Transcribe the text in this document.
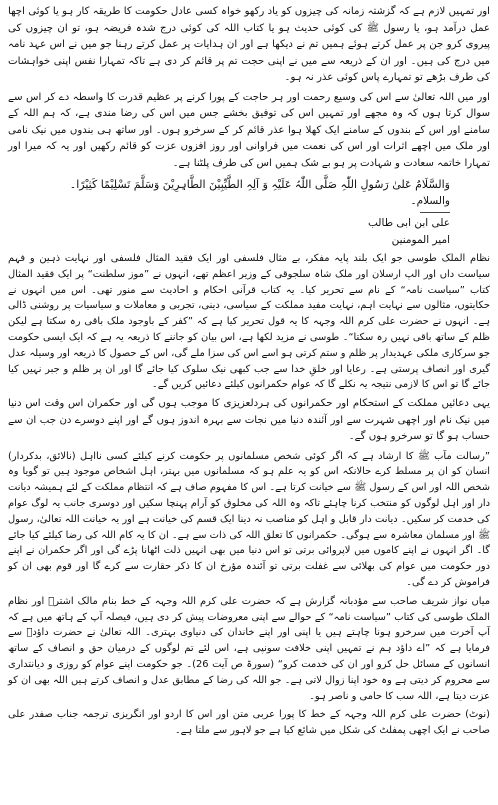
اور تمہیں لازم ہے کہ گزشتہ زمانہ کی چیزوں کو یاد رکھو خواہ کسی عادل حکومت کا طریقہ کار ہو یا کوئی اچھا عمل درآمد ہو، یا رسول ﷺ کی کوئی حدیث ہو یا کتاب اللہ کی کوئی درج شدہ فریضہ ہو، تو ان چیزوں کی پیروی کرو جن پر عمل کرتے ہوئے ہمیں تم نے دیکھا ہے اور ان ہدایات پر عمل کرتے رہنا جو میں نے اس عہد نامہ میں درج کی ہیں۔ اور ان کے ذریعہ سے میں نے اپنی حجت تم پر قائم کر دی ہے تاکہ تمہارا نفس اپنی خواہشات کی طرف بڑھے تو تمہارے پاس کوئی عذر نہ ہو۔

اور میں اللہ تعالیٰ سے اس کی وسیع رحمت اور ہر حاجت کے پورا کرنے پر عظیم قدرت کا واسطہ دے کر اس سے سوال کرتا ہوں کہ وہ مجھے اور تمہیں اس کی توفیق بخشے جس میں اس کی رضا مندی ہے، کہ ہم اللہ کے سامنے اور اس کے بندوں کے سامنے ایک کھلا ہوا عذر قائم کر کے سرخرو ہوں۔ اور ساتھ ہی بندوں میں نیک نامی اور ملک میں اچھے اثرات اور اس کی نعمت میں فراوانی اور روز افزوں عزت کو قائم رکھیں اور یہ کہ میرا اور تمہارا خاتمہ سعادت و شہادت پر ہو بے شک ہمیں اس کی طرف پلٹنا ہے۔

وَالسَّلَامُ عَلیٰ رَسُولِ اللّٰہِ صَلَّی اللّٰہُ عَلَیْہِ وَ آلِہِ الطَّیِّبِیْنَ الطَّاہِرِیْنَ وَسَلَّمَ تَسْلِیْمًا کَثِیْرًا۔

والسلام۔
علی ابن ابی طالب
امیر المومنین

نظام الملک طوسی جو ایک بلند پایہ مفکر، بے مثال فلسفی اور ایک فقید المثال فلسفی اور نہایت ذہین و فہم سیاست داں اور الپ ارسلان اور ملک شاہ سلجوقی کے وزیر اعظم تھے، انہوں نے ”موز سلطنت“ پر ایک فقید المثال کتاب ”سیاست نامہ“ کے نام سے تحریر کیا۔ یہ کتاب قرآنی احکام و احادیث سے منور تھی۔ اس میں انہوں نے حکایتوں، مثالوں سے نہایت اہم، نہایت مفید مملکت کے سیاسی، دینی، تجربی و معاملات و سیاسیات پر روشنی ڈالی ہے۔ انہوں نے حضرت علی کرم اللہ وجہہ کا یہ قول تحریر کیا ہے کہ ”کفر کے باوجود ملک باقی رہ سکتا ہے لیکن ظلم کے ساتھ باقی نہیں رہ سکتا“۔ طوسی نے مزید لکھا ہے، اس بیان کو جاننے کا ذریعہ یہ ہے کہ ایک ایسی حکومت جو سرکاری ملکی عہدیدار پر ظلم و ستم کرتی ہو اسے اس کی سزا ملے گی، اس کے حصول کا ذریعہ اور وسیلہ عدل گیری اور انصاف پرستی ہے۔ رعایا اور خلقِ خدا سے جب کبھی نیک سلوک کیا جائے گا اور ان پر ظلم و جبر نہیں کیا جائے گا تو اس کا لازمی نتیجہ یہ نکلے گا کہ عوام حکمرانوں کیلئے دعائیں کریں گے۔

یہی دعائیں مملکت کے استحکام اور حکمرانوں کی ہردلعزیزی کا موجب ہوں گی اور حکمران اس وقت اس دنیا میں نیک نام اور اچھی شہرت سے اور آئندہ دنیا میں نجات سے بہرہ اندوز ہوں گے اور اپنے دوسرے دن جب ان سے حساب ہو گا تو سرخرو ہوں گے۔

”رسالت مآب ﷺ کا ارشاد ہے کہ اگر کوئی شخص مسلمانوں پر حکومت کرنے کیلئے کسی نااہل (نالائق، بدکردار) انسان کو ان پر مسلط کرے حالانکہ اس کو یہ علم ہو کہ مسلمانوں میں بہتر، اہل اشخاص موجود ہیں تو گویا وہ شخص اللہ اور اس کے رسول ﷺ سے خیانت کرتا ہے۔ اس کا مفہوم صاف ہے کہ انتظام مملکت کے لئے ہمیشہ دیانت دار اور اہل لوگوں کو منتخب کرنا چاہئے تاکہ وہ اللہ کی مخلوق کو آرام پہنچا سکیں اور دوسری جانب یہ لوگ عوام کی خدمت کر سکیں۔ دیانت دار قابل و اہل کو مناصب نہ دینا ایک قسم کی خیانت ہے اور یہ خیانت اللہ تعالیٰ، رسول ﷺ اور مسلمان معاشرہ سے ہوگی۔ حکمرانوں کا تعلق اللہ کی ذات سے ہے۔ ان کا یہ کام اللہ کی رضا کیلئے کیا جائے گا۔ اگر انہوں نے اپنے کاموں میں لاپروائی برتی تو اس دنیا میں بھی انہیں ذلت اٹھانا پڑے گی اور اگر حکمران نے اپنے دور حکومت میں عوام کی بھلائی سے غفلت برتی تو آئندہ مؤرخ ان کا ذکر حقارت سے کرے گا اور قوم بھی ان کو فراموش کر دے گی۔

میاں نواز شریف صاحب سے مؤدبانہ گزارش ہے کہ حضرت علی کرم اللہ وجہہ کے خط بنام مالک اشترؒ اور نظام الملک طوسی کی کتاب ”سیاست نامہ“ کے حوالے سے اپنی معروضات پیش کر دی ہیں، فیصلہ آپ کے ہاتھ میں ہے کہ آپ آخرت میں سرخرو ہونا چاہتے ہیں یا اپنی اور اپنے خاندان کی دنیاوی بہتری۔ اللہ تعالیٰ نے حضرت داؤدؑ سے فرمایا ہے کہ ”اے داؤد ہم نے تمہیں اپنی خلافت سونپی ہے، اس لئے تم لوگوں کے درمیان حق و انصاف کے ساتھ انسانوں کے مسائل حل کرو اور ان کی خدمت کرو“ (سورۃ ص آیت 26)۔ جو حکومت اپنے عوام کو روزی و دیانتداری سے محروم کر دیتی ہے وہ خود اپنا زوال لاتی ہے۔ جو اللہ کی رضا کے مطابق عدل و انصاف کرتے ہیں اللہ بھی ان کو عزت دیتا ہے، اللہ سب کا حامی و ناصر ہو۔

(نوٹ) حضرت علی کرم اللہ وجہہ کے خط کا پورا عربی متن اور اس کا اردو اور انگریزی ترجمہ جناب صفدر علی صاحب نے ایک اچھی پمفلٹ کی شکل میں شائع کیا ہے جو لاہور سے ملتا ہے۔
